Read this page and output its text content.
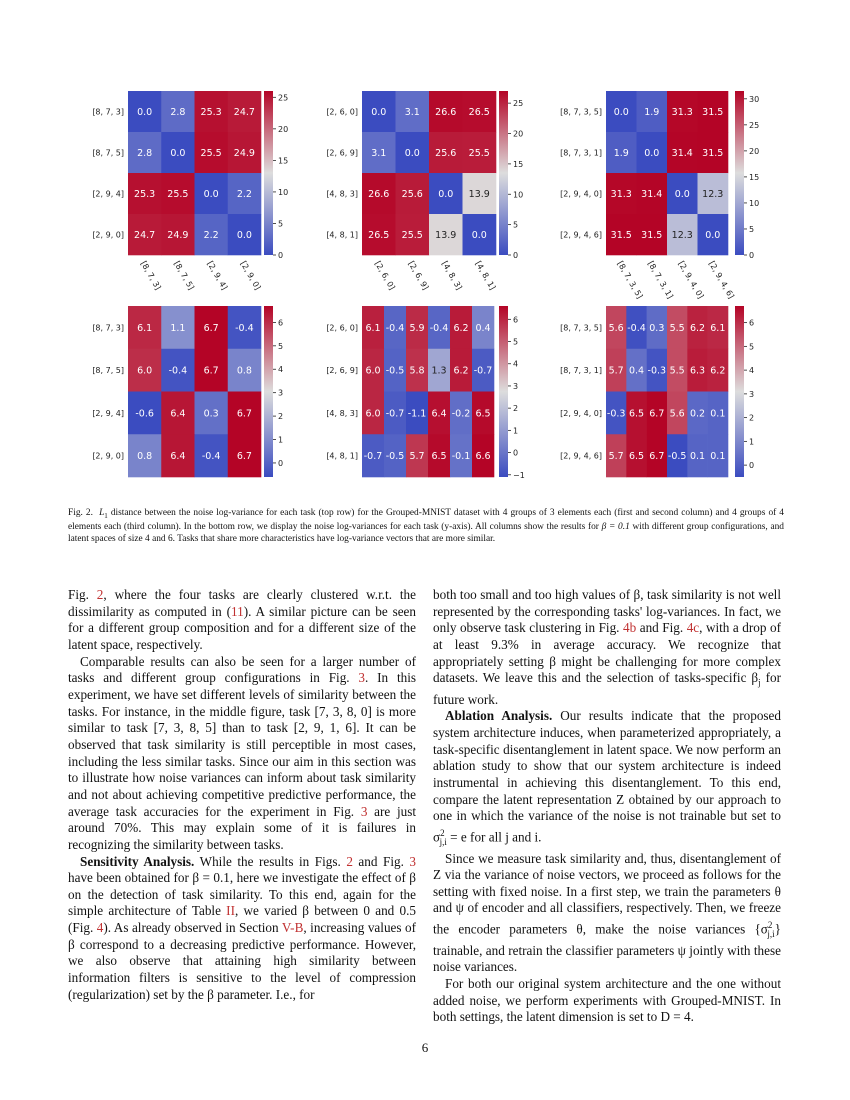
0.0 2.8 25.3 24.7
[8, 7, 3]
2.8 0.0 25.5 24.9
[8, 7, 5]
25.3 25.5 0.0 2.2
[2, 9, 4]
24.7 24.9 2.2 0.0
[2, 9, 0]
[8, 7, 3] [8, 7, 5] [2, 9, 4] [2, 9, 0]
0
5
10
15
20
25
0.0 3.1 26.6 26.5
[2, 6, 0]
3.1 0.0 25.6 25.5
[2, 6, 9]
26.6 25.6 0.0 13.9
[4, 8, 3]
26.5 25.5 13.9 0.0
[4, 8, 1]
[2, 6, 0] [2, 6, 9] [4, 8, 3] [4, 8, 1]
0
5
10
15
20
25
0.0 1.9 31.3 31.5
[8, 7, 3, 5]
1.9 0.0 31.4 31.5
[8, 7, 3, 1]
31.3 31.4 0.0 12.3
[2, 9, 4, 0]
31.5 31.5 12.3 0.0
[2, 9, 4, 6]
[8, 7, 3, 5] [8, 7, 3, 1] [2, 9, 4, 0] [2, 9, 4, 6]
0
5
10
15
20
25
30
6.1 1.1 6.7 -0.4
[8, 7, 3]
6.0 -0.4 6.7 0.8
[8, 7, 5]
-0.6 6.4 0.3 6.7
[2, 9, 4]
0.8 6.4 -0.4 6.7
[2, 9, 0]
0
1
2
3
4
5
6	6.1 -0.4 5.9 -0.4 6.2 0.4
[2, 6, 0]
6.0 -0.5 5.8 1.3 6.2 -0.7
[2, 6, 9]
6.0 -0.7 -1.1 6.4 -0.2 6.5
[4, 8, 3]
-0.7 -0.5 5.7 6.5 -0.1 6.6
[4, 8, 1]
−1
0
1
2
3
4
5
6
5.6 -0.4 0.3 5.5 6.2 6.1
[8, 7, 3, 5]
5.7 0.4 -0.3 5.5 6.3 6.2
[8, 7, 3, 1]
-0.3 6.5 6.7 5.6 0.2 0.1
[2, 9, 4, 0]
5.7 6.5 6.7 -0.5 0.1 0.1
[2, 9, 4, 6]
0
1
2
3
4
5
6
Fig. 2. $L_1$ distance between the noise log-variance for each task (top row) for the Grouped-MNIST dataset with 4 groups of 3 elements each (first and second column) and 4 groups of 4 elements each (third column). In the bottom row, we display the noise log-variances for each task (y-axis). All columns show the results for β = 0.1 with different group configurations, and latent spaces of size 4 and 6. Tasks that share more characteristics have log-variance vectors that are more similar.

Fig. 2, where the four tasks are clearly clustered w.r.t. the dissimilarity as computed in (11). A similar picture can be seen for a different group composition and for a different size of the latent space, respectively.

Comparable results can also be seen for a larger number of tasks and different group configurations in Fig. 3. In this experiment, we have set different levels of similarity between the tasks. For instance, in the middle figure, task [7, 3, 8, 0] is more similar to task [7, 3, 8, 5] than to task [2, 9, 1, 6]. It can be observed that task similarity is still perceptible in most cases, including the less similar tasks. Since our aim in this section was to illustrate how noise variances can inform about task similarity and not about achieving competitive predictive performance, the average task accuracies for the experiment in Fig. 3 are just around 70%. This may explain some of it is failures in recognizing the similarity between tasks.

Sensitivity Analysis. While the results in Figs. 2 and Fig. 3 have been obtained for β = 0.1, here we investigate the effect of β on the detection of task similarity. To this end, again for the simple architecture of Table II, we varied β between 0 and 0.5 (Fig. 4). As already observed in Section V-B, increasing values of β correspond to a decreasing predictive performance. However, we also observe that attaining high similarity between information filters is sensitive to the level of compression (regularization) set by the β parameter. I.e., for

both too small and too high values of β, task similarity is not well represented by the corresponding tasks' log-variances. In fact, we only observe task clustering in Fig. 4b and Fig. 4c, with a drop of at least 9.3% in average accuracy. We recognize that appropriately setting β might be challenging for more complex datasets. We leave this and the selection of tasks-specific $\beta_j$ for future work.

Ablation Analysis. Our results indicate that the proposed system architecture induces, when parameterized appropriately, a task-specific disentanglement in latent space. We now perform an ablation study to show that our system architecture is indeed instrumental in achieving this disentanglement. To this end, compare the latent representation Z obtained by our approach to one in which the variance of the noise is not trainable but set to $\sigma^2_{j,i} = e$ for all j and i.

Since we measure task similarity and, thus, disentanglement of Z via the variance of noise vectors, we proceed as follows for the setting with fixed noise. In a first step, we train the parameters θ and ψ of encoder and all classifiers, respectively. Then, we freeze the encoder parameters θ, make the noise variances $\{\sigma^2_{j,i}\}$ trainable, and retrain the classifier parameters ψ jointly with these noise variances.

For both our original system architecture and the one without added noise, we perform experiments with Grouped-MNIST. In both settings, the latent dimension is set to D = 4.

6
